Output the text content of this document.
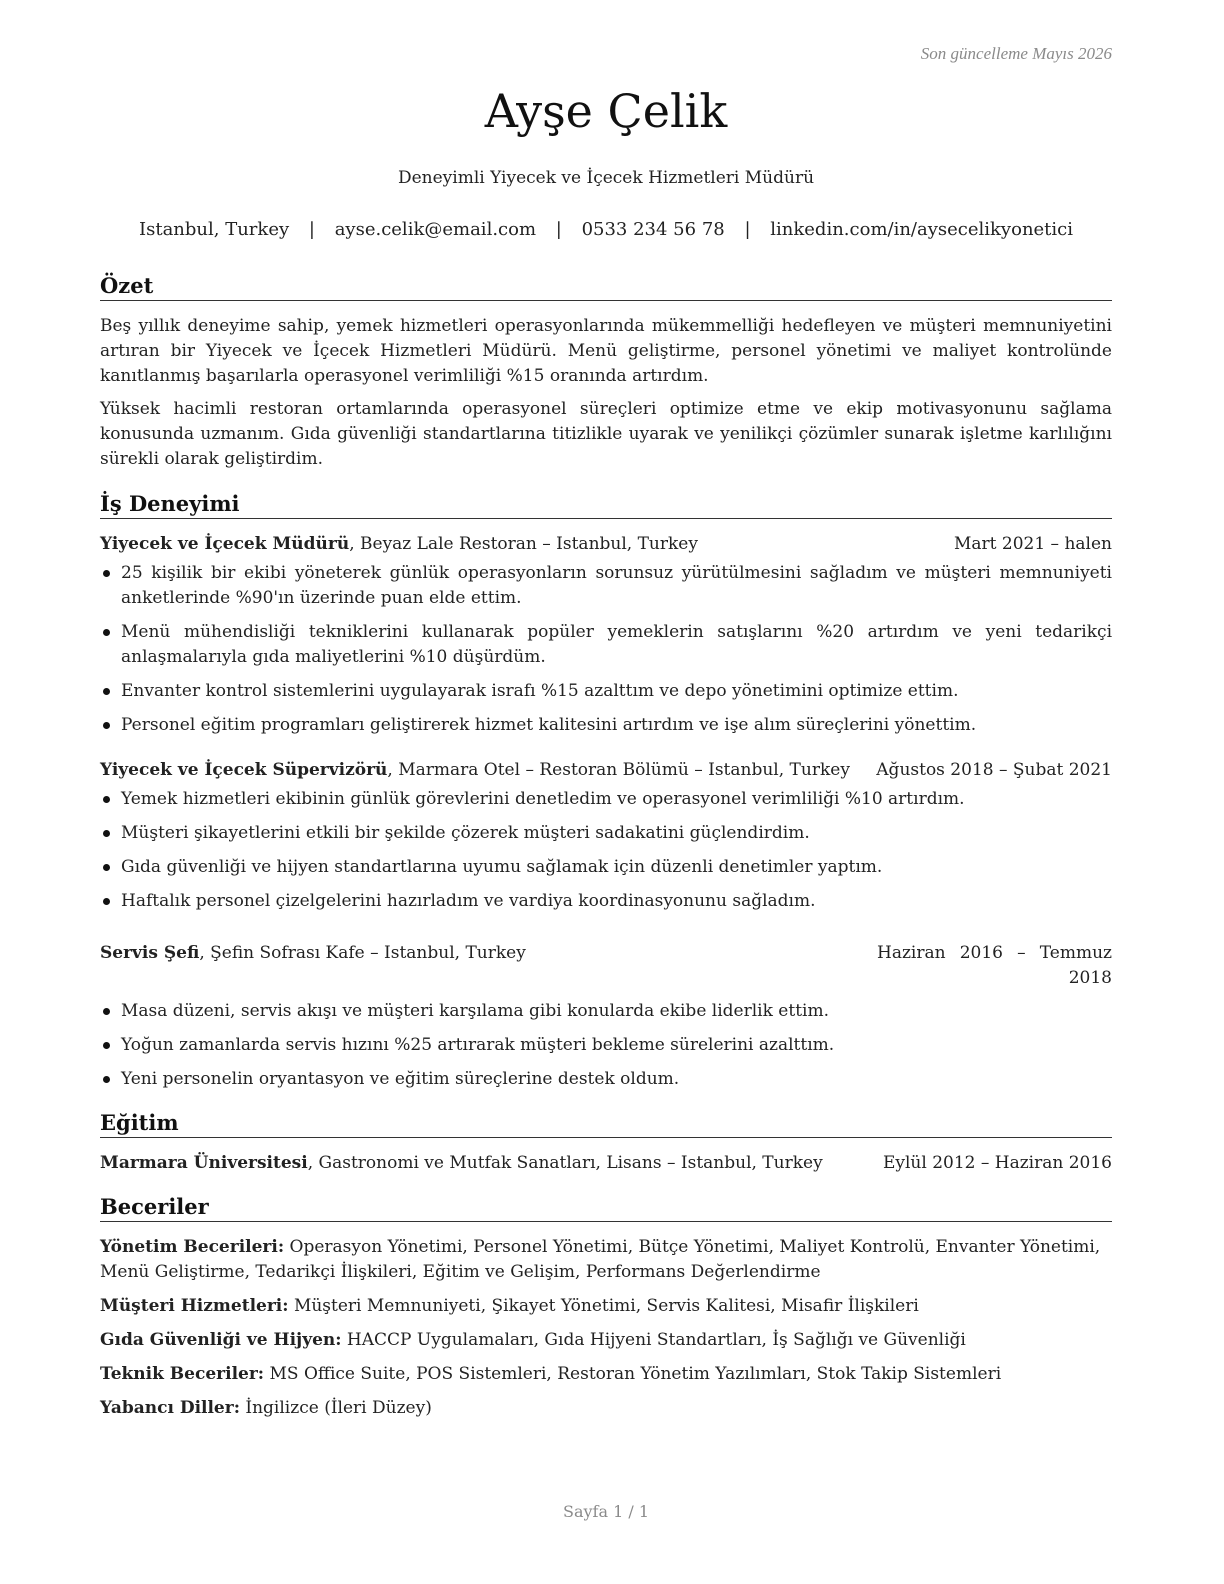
Son güncelleme Mayıs 2026
Ayşe Çelik
Deneyimli Yiyecek ve İçecek Hizmetleri Müdürü
Istanbul, Turkey | ayse.celik@email.com | 0533 234 56 78 | linkedin.com/in/aysecelikyonetici
Özet

Beş yıllık deneyime sahip, yemek hizmetleri operasyonlarında mükemmelliği hedefleyen ve müşteri memnuniyetini artıran bir Yiyecek ve İçecek Hizmetleri Müdürü. Menü geliştirme, personel yönetimi ve maliyet kontrolünde kanıtlanmış başarılarla operasyonel verimliliği %15 oranında artırdım.

Yüksek hacimli restoran ortamlarında operasyonel süreçleri optimize etme ve ekip motivasyonunu sağlama konusunda uzmanım. Gıda güvenliği standartlarına titizlikle uyarak ve yenilikçi çözümler sunarak işletme karlılığını sürekli olarak geliştirdim.

İş Deneyimi
Yiyecek ve İçecek Müdürü, Beyaz Lale Restoran – Istanbul, Turkey	Mart 2021 – halen
25 kişilik bir ekibi yöneterek günlük operasyonların sorunsuz yürütülmesini sağladım ve müşteri memnuniyeti anketlerinde %90'ın üzerinde puan elde ettim.
Menü mühendisliği tekniklerini kullanarak popüler yemeklerin satışlarını %20 artırdım ve yeni tedarikçi anlaşmalarıyla gıda maliyetlerini %10 düşürdüm.
Envanter kontrol sistemlerini uygulayarak israfı %15 azalttım ve depo yönetimini optimize ettim.
Personel eğitim programları geliştirerek hizmet kalitesini artırdım ve işe alım süreçlerini yönettim.
Yiyecek ve İçecek Süpervizörü, Marmara Otel – Restoran Bölümü – Istanbul, Turkey Ağustos 2018 – Şubat 2021
Yemek hizmetleri ekibinin günlük görevlerini denetledim ve operasyonel verimliliği %10 artırdım.
Müşteri şikayetlerini etkili bir şekilde çözerek müşteri sadakatini güçlendirdim.
Gıda güvenliği ve hijyen standartlarına uyumu sağlamak için düzenli denetimler yaptım.
Haftalık personel çizelgelerini hazırladım ve vardiya koordinasyonunu sağladım.
Servis Şefi, Şefin Sofrası Kafe – Istanbul, Turkey	Haziran 2016 – Temmuz 2018
Masa düzeni, servis akışı ve müşteri karşılama gibi konularda ekibe liderlik ettim.
Yoğun zamanlarda servis hızını %25 artırarak müşteri bekleme sürelerini azalttım.
Yeni personelin oryantasyon ve eğitim süreçlerine destek oldum.
Eğitim
Marmara Üniversitesi, Gastronomi ve Mutfak Sanatları, Lisans – Istanbul, Turkey	Eylül 2012 – Haziran 2016
Beceriler
Yönetim Becerileri: Operasyon Yönetimi, Personel Yönetimi, Bütçe Yönetimi, Maliyet Kontrolü, Envanter Yönetimi, Menü Geliştirme, Tedarikçi İlişkileri, Eğitim ve Gelişim, Performans Değerlendirme
Müşteri Hizmetleri: Müşteri Memnuniyeti, Şikayet Yönetimi, Servis Kalitesi, Misafir İlişkileri
Gıda Güvenliği ve Hijyen: HACCP Uygulamaları, Gıda Hijyeni Standartları, İş Sağlığı ve Güvenliği
Teknik Beceriler: MS Office Suite, POS Sistemleri, Restoran Yönetim Yazılımları, Stok Takip Sistemleri
Yabancı Diller: İngilizce (İleri Düzey)
Sayfa 1 / 1
